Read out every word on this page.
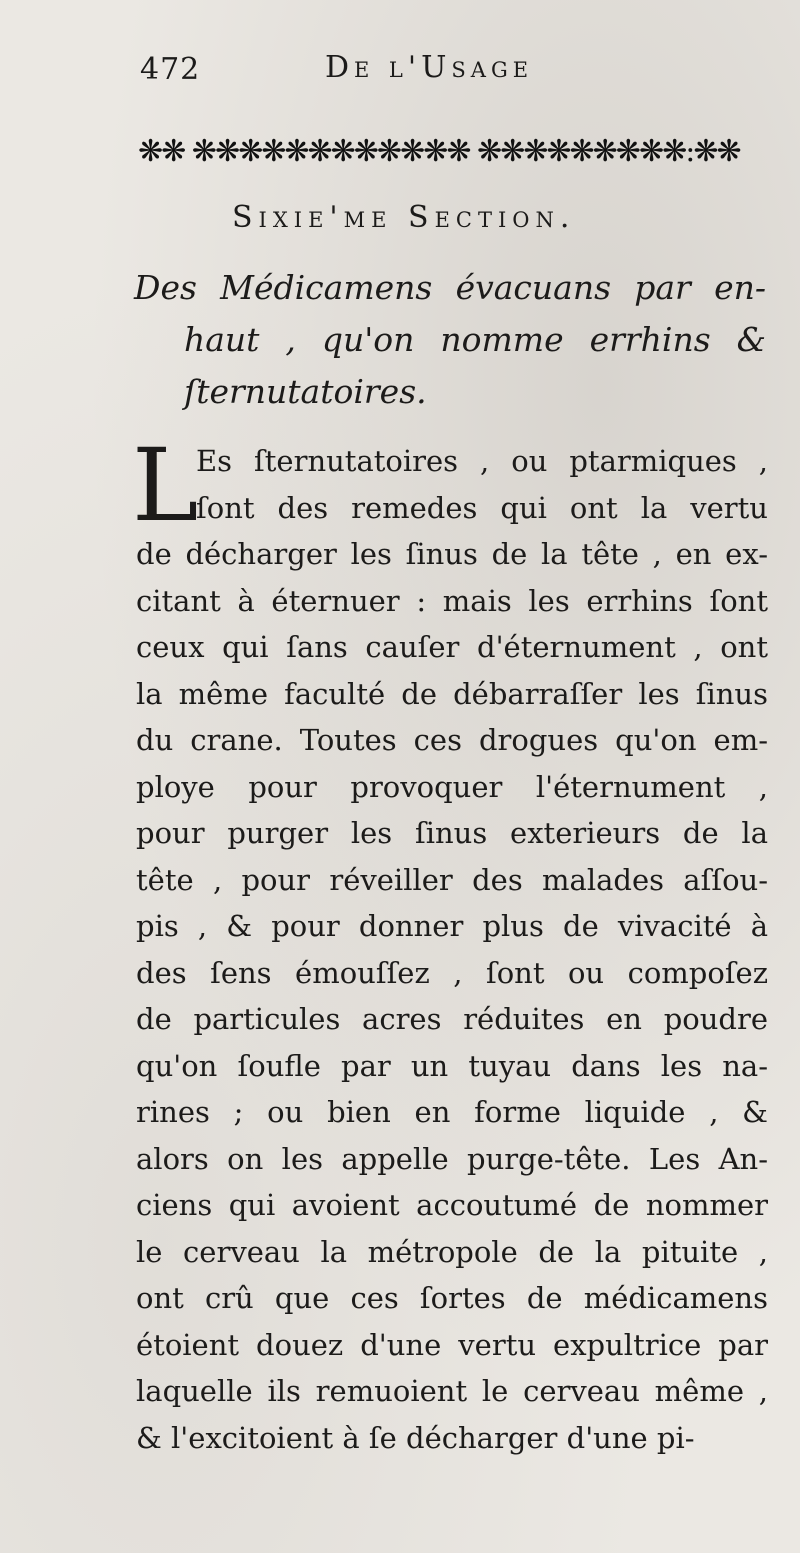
472	De l'Usage
❋❋ ❋❋❋❋❋❋❋❋❋❋❋❋ ❋❋❋❋❋❋❋❋❋:❋❋
Sixie'me Section.
Des Médicamens évacuans par en-
haut , qu'on nomme errhins &
ſternutatoires.
L
Es ſternutatoires , ou ptarmiques ,
ſont des remedes qui ont la vertu
de décharger les ſinus de la tête , en ex-
citant à éternuer : mais les errhins ſont
ceux qui ſans cauſer d'éternument , ont
la même faculté de débarraſſer les ſinus
du crane. Toutes ces drogues qu'on em-
ploye pour provoquer l'éternument ,
pour purger les ſinus exterieurs de la
tête , pour réveiller des malades aſſou-
pis , & pour donner plus de vivacité à
des ſens émouſſez , ſont ou compoſez
de particules acres réduites en poudre
qu'on ſoufle par un tuyau dans les na-
rines ; ou bien en forme liquide , &
alors on les appelle purge-tête. Les An-
ciens qui avoient accoutumé de nommer
le cerveau la métropole de la pituite ,
ont crû que ces ſortes de médicamens
étoient douez d'une vertu expultrice par
laquelle ils remuoient le cerveau même ,
& l'excitoient à ſe décharger d'une pi-
